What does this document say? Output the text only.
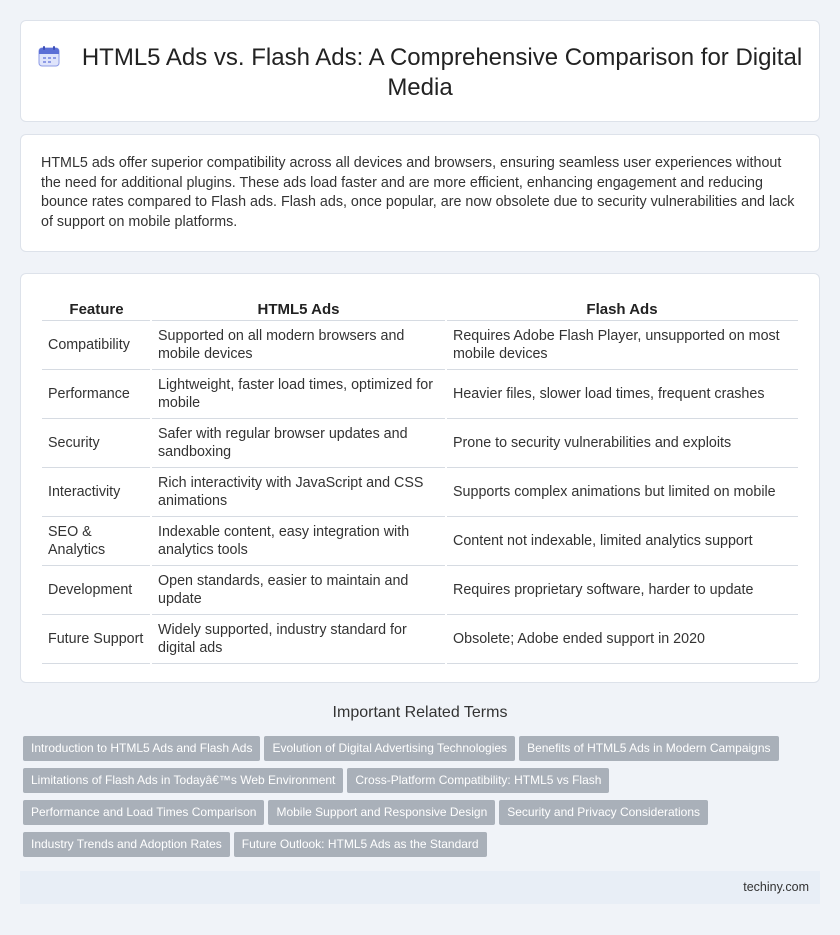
HTML5 Ads vs. Flash Ads: A Comprehensive Comparison for Digital Media

HTML5 ads offer superior compatibility across all devices and browsers, ensuring seamless user experiences without the need for additional plugins. These ads load faster and are more efficient, enhancing engagement and reducing bounce rates compared to Flash ads. Flash ads, once popular, are now obsolete due to security vulnerabilities and lack of support on mobile platforms.

Feature	HTML5 Ads	Flash Ads
Compatibility	Supported on all modern browsers and mobile devices	Requires Adobe Flash Player, unsupported on most mobile devices
Performance	Lightweight, faster load times, optimized for mobile	Heavier files, slower load times, frequent crashes
Security	Safer with regular browser updates and sandboxing	Prone to security vulnerabilities and exploits
Interactivity	Rich interactivity with JavaScript and CSS animations	Supports complex animations but limited on mobile
SEO & Analytics	Indexable content, easy integration with analytics tools	Content not indexable, limited analytics support
Development	Open standards, easier to maintain and update	Requires proprietary software, harder to update
Future Support	Widely supported, industry standard for digital ads	Obsolete; Adobe ended support in 2020
Important Related Terms
Introduction to HTML5 Ads and Flash Ads Evolution of Digital Advertising Technologies Benefits of HTML5 Ads in Modern Campaigns
Limitations of Flash Ads in Todayâ€™s Web Environment Cross-Platform Compatibility: HTML5 vs Flash
Performance and Load Times Comparison Mobile Support and Responsive Design Security and Privacy Considerations
Industry Trends and Adoption Rates Future Outlook: HTML5 Ads as the Standard
techiny.com
